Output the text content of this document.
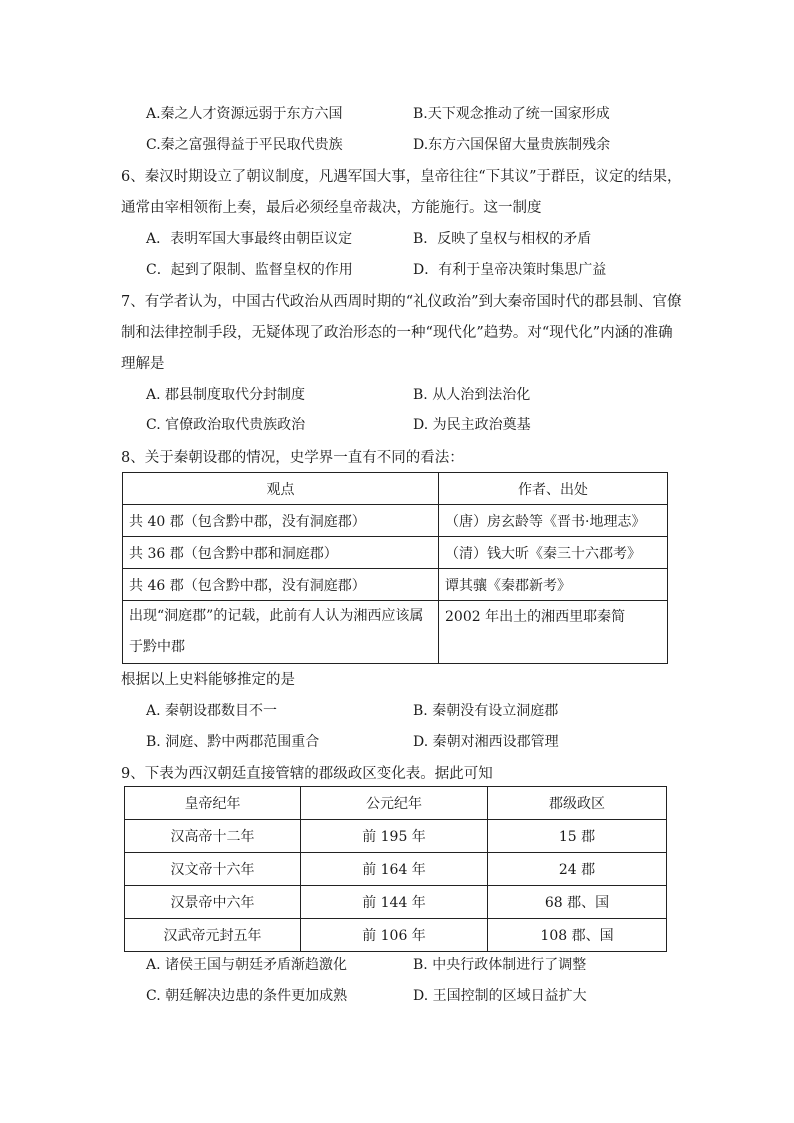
A.秦之人才资源远弱于东方六国	B.天下观念推动了统一国家形成
C.秦之富强得益于平民取代贵族	D.东方六国保留大量贵族制残余
6、秦汉时期设立了朝议制度，凡遇军国大事，皇帝往往“下其议”于群臣，议定的结果，
通常由宰相领衔上奏，最后必须经皇帝裁决，方能施行。这一制度
A．表明军国大事最终由朝臣议定	B．反映了皇权与相权的矛盾
C．起到了限制、监督皇权的作用	D．有利于皇帝决策时集思广益
7、有学者认为，中国古代政治从西周时期的“礼仪政治”到大秦帝国时代的郡县制、官僚
制和法律控制手段，无疑体现了政治形态的一种“现代化”趋势。对“现代化”内涵的准确
理解是
A. 郡县制度取代分封制度	B. 从人治到法治化
C. 官僚政治取代贵族政治	D. 为民主政治奠基
8、关于秦朝设郡的情况，史学界一直有不同的看法：
观点	作者、出处
共 40 郡（包含黔中郡，没有洞庭郡）	（唐）房玄龄等《晋书·地理志》
共 36 郡（包含黔中郡和洞庭郡）	（清）钱大昕《秦三十六郡考》
共 46 郡（包含黔中郡，没有洞庭郡）	谭其骧《秦郡新考》
出现“洞庭郡”的记载，此前有人认为湘西应该属于黔中郡	2002 年出土的湘西里耶秦简
根据以上史料能够推定的是
A. 秦朝设郡数目不一	B. 秦朝没有设立洞庭郡
B. 洞庭、黔中两郡范围重合	D. 秦朝对湘西设郡管理
9、下表为西汉朝廷直接管辖的郡级政区变化表。据此可知
皇帝纪年	公元纪年	郡级政区
汉高帝十二年	前 195 年	15 郡
汉文帝十六年	前 164 年	24 郡
汉景帝中六年	前 144 年	68 郡、国
汉武帝元封五年	前 106 年	108 郡、国
A. 诸侯王国与朝廷矛盾渐趋激化	B. 中央行政体制进行了调整
C. 朝廷解决边患的条件更加成熟	D. 王国控制的区域日益扩大
